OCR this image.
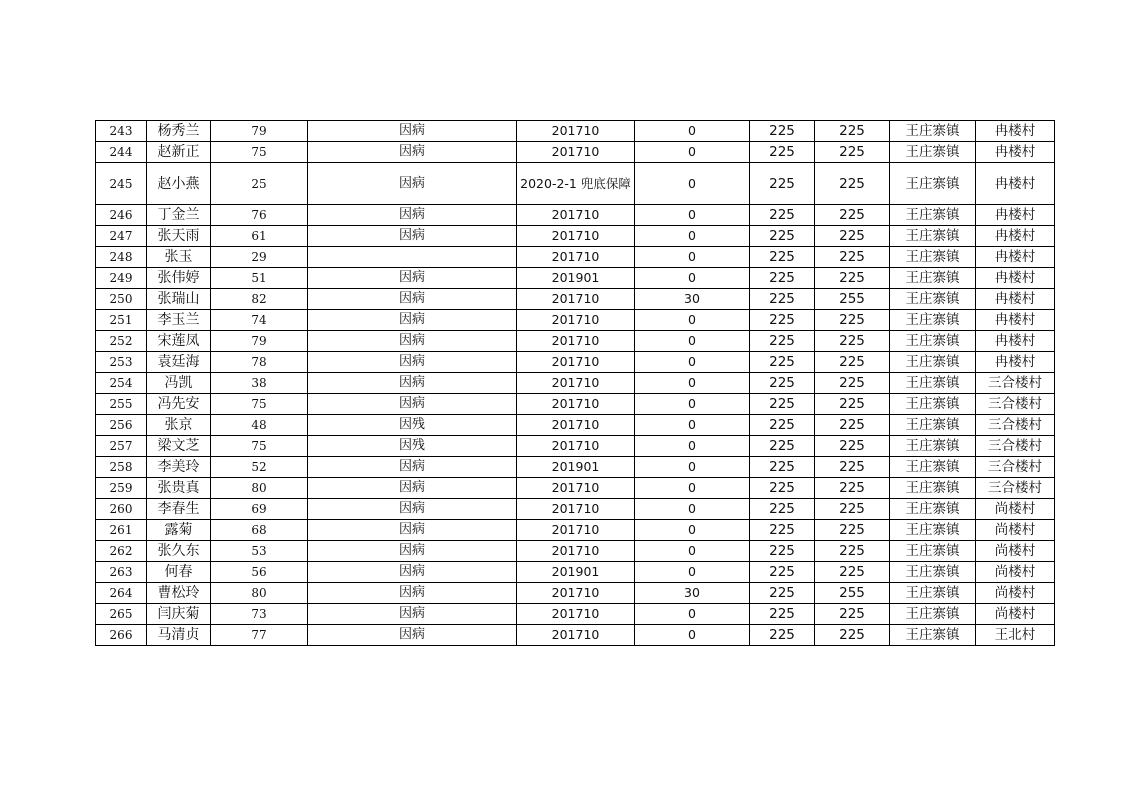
243	杨秀兰	79	因病	201710	0	225	225	王庄寨镇	冉楼村
244	赵新正	75	因病	201710	0	225	225	王庄寨镇	冉楼村
245	赵小燕	25	因病	2020-2-1 兜底保障	0	225	225	王庄寨镇	冉楼村
246	丁金兰	76	因病	201710	0	225	225	王庄寨镇	冉楼村
247	张天雨	61	因病	201710	0	225	225	王庄寨镇	冉楼村
248	张玉	29		201710	0	225	225	王庄寨镇	冉楼村
249	张伟婷	51	因病	201901	0	225	225	王庄寨镇	冉楼村
250	张瑞山	82	因病	201710	30	225	255	王庄寨镇	冉楼村
251	李玉兰	74	因病	201710	0	225	225	王庄寨镇	冉楼村
252	宋莲凤	79	因病	201710	0	225	225	王庄寨镇	冉楼村
253	袁廷海	78	因病	201710	0	225	225	王庄寨镇	冉楼村
254	冯凯	38	因病	201710	0	225	225	王庄寨镇	三合楼村
255	冯先安	75	因病	201710	0	225	225	王庄寨镇	三合楼村
256	张京	48	因残	201710	0	225	225	王庄寨镇	三合楼村
257	梁文芝	75	因残	201710	0	225	225	王庄寨镇	三合楼村
258	李美玲	52	因病	201901	0	225	225	王庄寨镇	三合楼村
259	张贵真	80	因病	201710	0	225	225	王庄寨镇	三合楼村
260	李春生	69	因病	201710	0	225	225	王庄寨镇	尚楼村
261	露菊	68	因病	201710	0	225	225	王庄寨镇	尚楼村
262	张久东	53	因病	201710	0	225	225	王庄寨镇	尚楼村
263	何春	56	因病	201901	0	225	225	王庄寨镇	尚楼村
264	曹松玲	80	因病	201710	30	225	255	王庄寨镇	尚楼村
265	闫庆菊	73	因病	201710	0	225	225	王庄寨镇	尚楼村
266	马清贞	77	因病	201710	0	225	225	王庄寨镇	王北村
